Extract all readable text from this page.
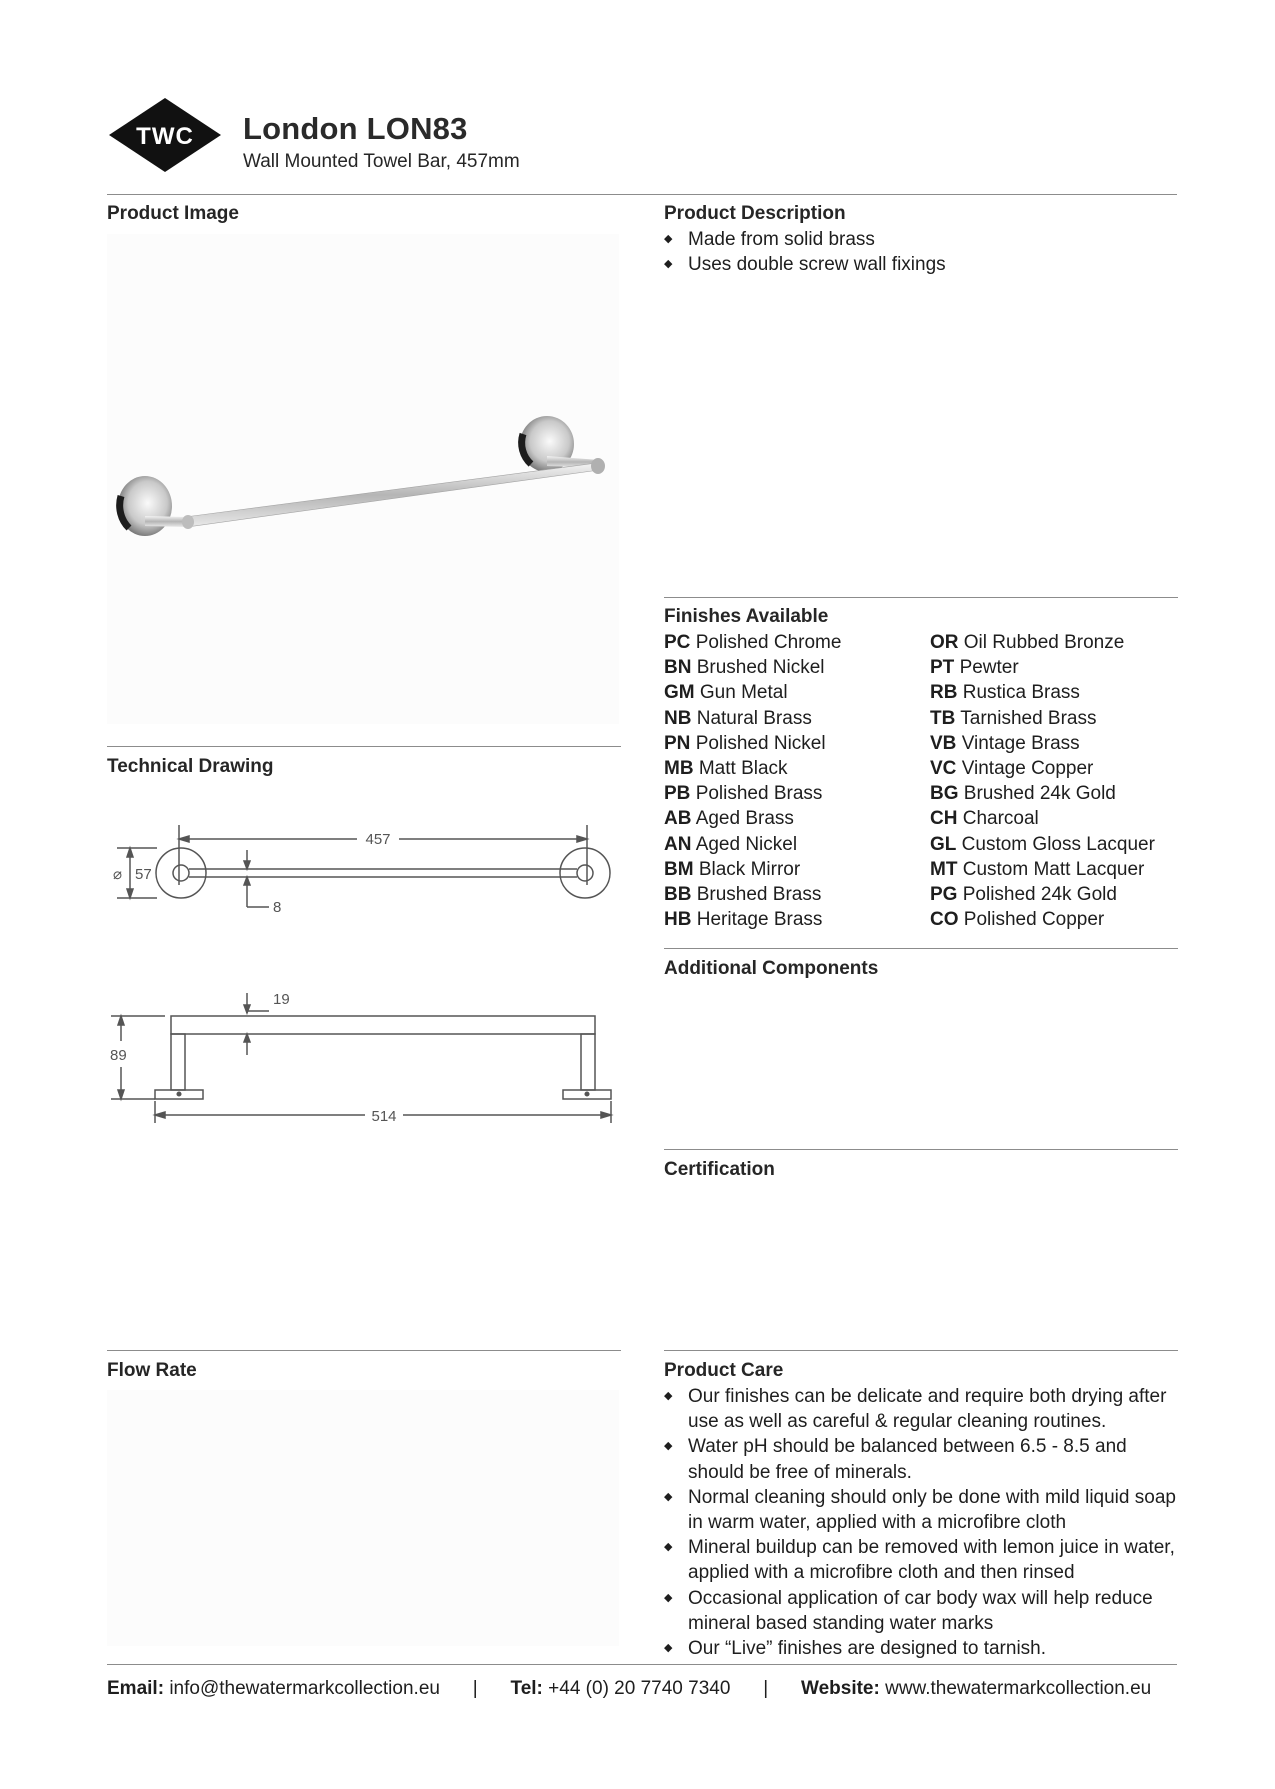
TWC London LON83
Wall Mounted Towel Bar, 457mm
Product Image	Product Description
◆ Made from solid brass
◆ Uses double screw wall fixings
Finishes Available
PC Polished Chrome
BN Brushed Nickel
GM Gun Metal
NB Natural Brass
PN Polished Nickel
MB Matt Black
PB Polished Brass
AB Aged Brass
AN Aged Nickel
BM Black Mirror
BB Brushed Brass
HB Heritage Brass
OR Oil Rubbed Bronze
PT Pewter
RB Rustica Brass
TB Tarnished Brass
VB Vintage Brass
VC Vintage Copper
BG Brushed 24k Gold
CH Charcoal
GL Custom Gloss Lacquer
MT Custom Matt Lacquer
PG Polished 24k Gold
CO Polished Copper
Technical Drawing
457
⌀ 57
8
19
89
514
Additional Components
Certification
Flow Rate	Product Care
◆ Our finishes can be delicate and require both drying after use as well as careful & regular cleaning routines.
◆ Water pH should be balanced between 6.5 - 8.5 and should be free of minerals.
◆ Normal cleaning should only be done with mild liquid soap in warm water, applied with a microfibre cloth
◆ Mineral buildup can be removed with lemon juice in water, applied with a microfibre cloth and then rinsed
◆ Occasional application of car body wax will help reduce mineral based standing water marks
◆ Our “Live” finishes are designed to tarnish.
Email: info@thewatermarkcollection.eu | Tel: +44 (0) 20 7740 7340 | Website: www.thewatermarkcollection.eu
